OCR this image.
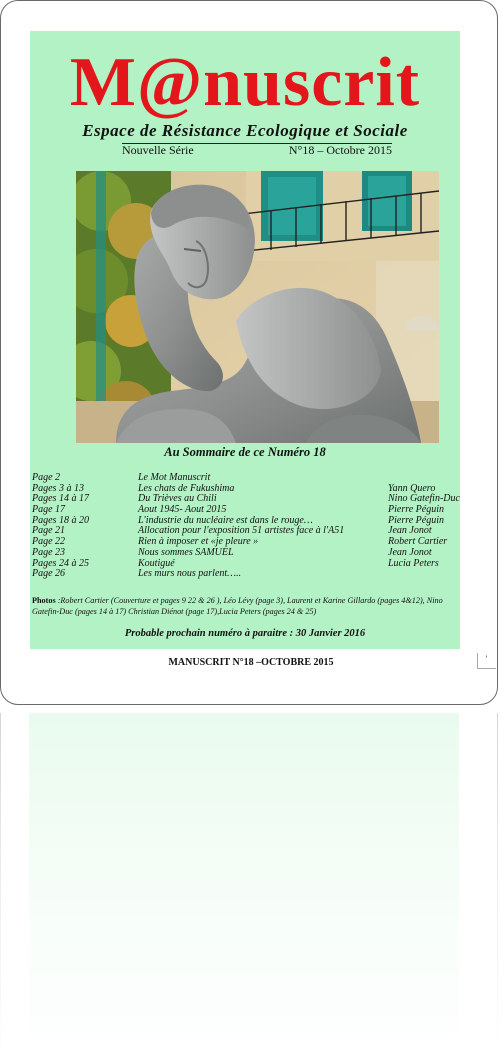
M@nuscrit
Espace de Résistance Ecologique et Sociale
Nouvelle Série	N°18 – Octobre 2015
Au Sommaire de ce Numéro 18
Page 2	Le Mot Manuscrit
Pages 3 à 13	Les chats de Fukushima	Yann Quero
Pages 14 à 17	Du Trièves au Chili	Nino Gatefin-Duc
Page 17	Aout 1945- Aout 2015	Pierre Péguin
Pages 18 à 20	L'industrie du nucléaire est dans le rouge…	Pierre Péguin
Page 21	Allocation pour l'exposition 51 artistes face à l'A51	Jean Jonot
Page 22	Rien à imposer et «je pleure »	Robert Cartier
Page 23	Nous sommes SAMUEL	Jean Jonot
Pages 24 à 25	Koutigué	Lucia Peters
Page 26	Les murs nous parlent…..
Photos :Robert Cartier (Couverture et pages 9 22 & 26 ), Léo Lévy (page 3), Laurent et Karine Gillardo (pages 4&12), Nino Gatefin-Duc (pages 14 à 17) Christian Diénot (page 17),Lucia Peters (pages 24 & 25)
Probable prochain numéro à paraitre : 30 Janvier 2016
MANUSCRIT N°18 –OCTOBRE 2015	’
